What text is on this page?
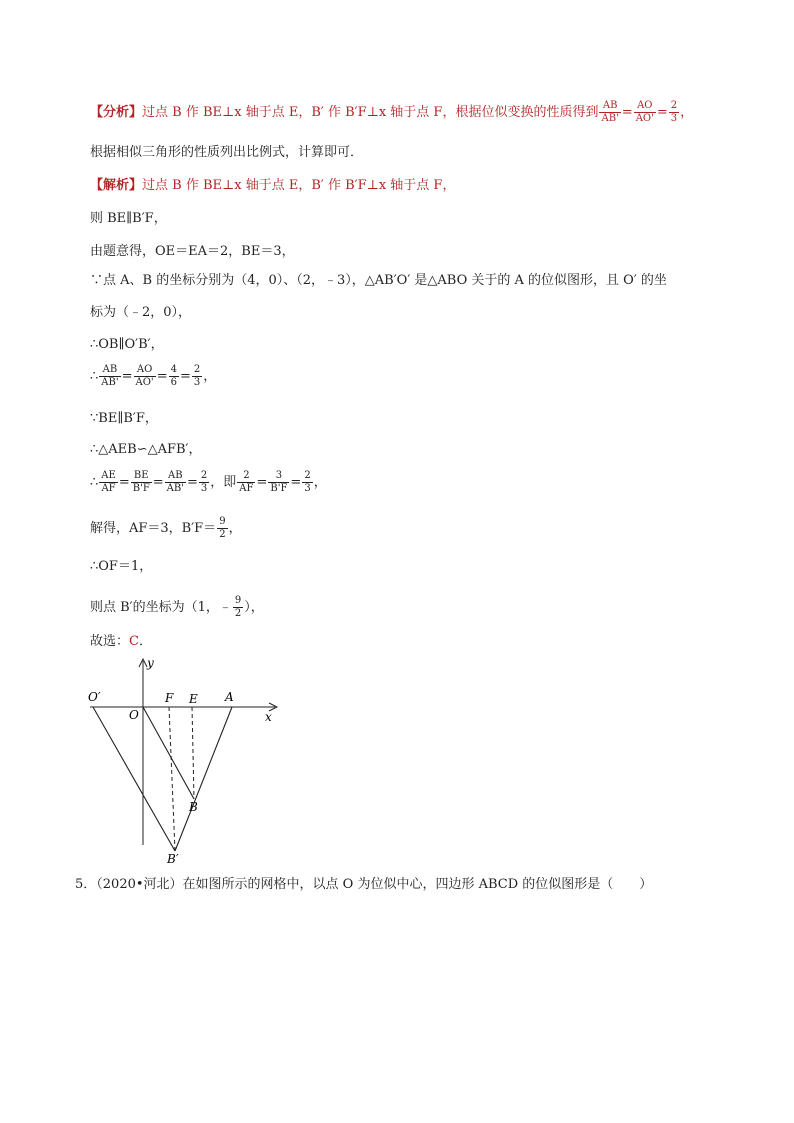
【分析】过点 B 作 BE⊥x 轴于点 E，B′ 作 B′F⊥x 轴于点 F，根据位似变换的性质得到 $\frac{AB}{AB'} = \frac{AO}{AO'} = \frac{2}{3}$ ，
根据相似三角形的性质列出比例式，计算即可．
【解析】过点 B 作 BE⊥x 轴于点 E，B′ 作 B′F⊥x 轴于点 F，
则 BE∥B′F，
由题意得，OE＝EA＝2，BE＝3，
∵点 A、B 的坐标分别为（4，0）、（2，﹣3），△AB′O′ 是△ABO 关于的 A 的位似图形，且 O′ 的坐
标为（﹣2，0），
∴OB∥O′B′，
∴ $\frac{AB}{AB'} = \frac{AO}{AO'} = \frac{4}{6} = \frac{2}{3}$ ，
∵BE∥B′F，
∴△AEB∽△AFB′，
∴ $\frac{AE}{AF} = \frac{BE}{B'F} = \frac{AB}{AB'} = \frac{2}{3}$ ，即 $\frac{2}{AF} = \frac{3}{B'F} = \frac{2}{3}$ ，
解得，AF＝3，$B'F= \frac{9}{2}$ ，
∴OF＝1，
则点 B′的坐标为（1，﹣ $\frac{9}{2}$ ），
故选：C．
y
x
O′
O
F E A
B
B′
5．（2020•河北）在如图所示的网格中，以点 O 为位似中心，四边形 ABCD 的位似图形是（　　）
